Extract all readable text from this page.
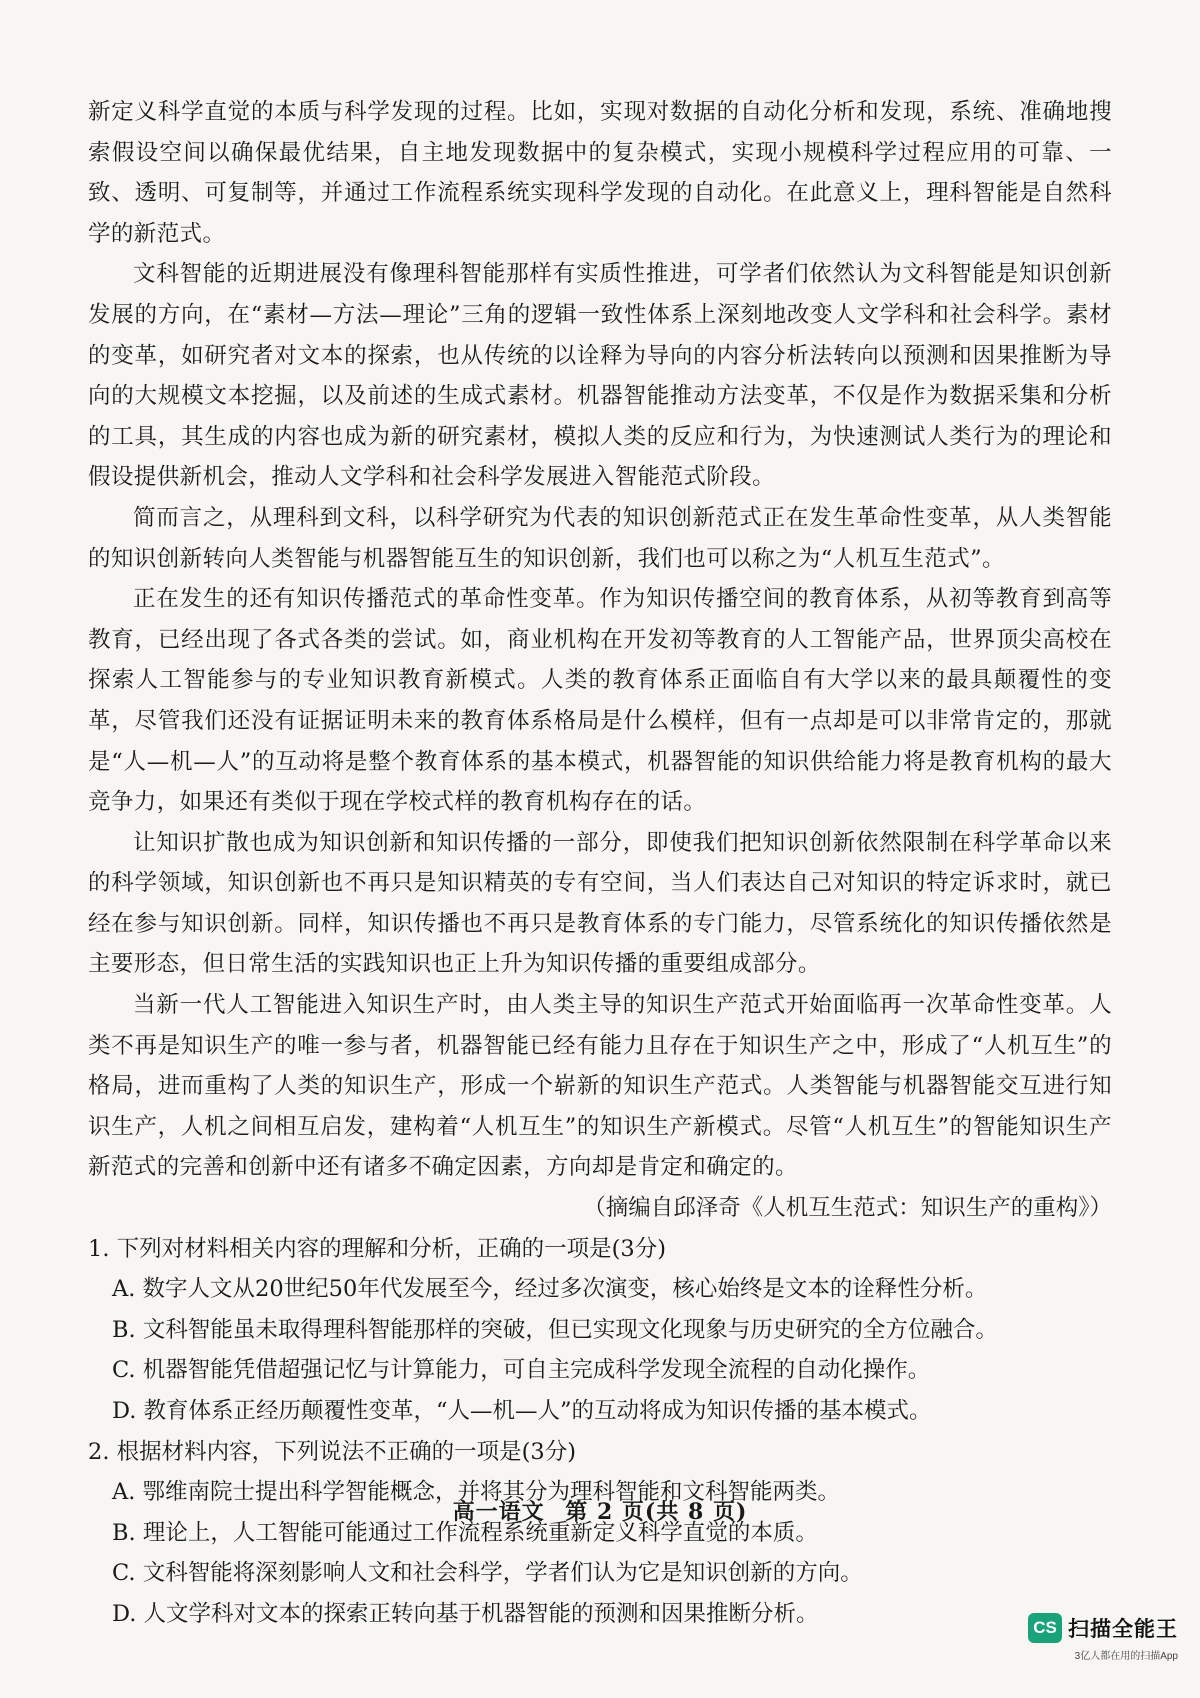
新定义科学直觉的本质与科学发现的过程。比如，实现对数据的自动化分析和发现，系统、准确地搜索假设空间以确保最优结果，自主地发现数据中的复杂模式，实现小规模科学过程应用的可靠、一致、透明、可复制等，并通过工作流程系统实现科学发现的自动化。在此意义上，理科智能是自然科学的新范式。

文科智能的近期进展没有像理科智能那样有实质性推进，可学者们依然认为文科智能是知识创新发展的方向，在“素材—方法—理论”三角的逻辑一致性体系上深刻地改变人文学科和社会科学。素材的变革，如研究者对文本的探索，也从传统的以诠释为导向的内容分析法转向以预测和因果推断为导向的大规模文本挖掘，以及前述的生成式素材。机器智能推动方法变革，不仅是作为数据采集和分析的工具，其生成的内容也成为新的研究素材，模拟人类的反应和行为，为快速测试人类行为的理论和假设提供新机会，推动人文学科和社会科学发展进入智能范式阶段。

简而言之，从理科到文科，以科学研究为代表的知识创新范式正在发生革命性变革，从人类智能的知识创新转向人类智能与机器智能互生的知识创新，我们也可以称之为“人机互生范式”。

正在发生的还有知识传播范式的革命性变革。作为知识传播空间的教育体系，从初等教育到高等教育，已经出现了各式各类的尝试。如，商业机构在开发初等教育的人工智能产品，世界顶尖高校在探索人工智能参与的专业知识教育新模式。人类的教育体系正面临自有大学以来的最具颠覆性的变革，尽管我们还没有证据证明未来的教育体系格局是什么模样，但有一点却是可以非常肯定的，那就是“人—机—人”的互动将是整个教育体系的基本模式，机器智能的知识供给能力将是教育机构的最大竞争力，如果还有类似于现在学校式样的教育机构存在的话。

让知识扩散也成为知识创新和知识传播的一部分，即使我们把知识创新依然限制在科学革命以来的科学领域，知识创新也不再只是知识精英的专有空间，当人们表达自己对知识的特定诉求时，就已经在参与知识创新。同样，知识传播也不再只是教育体系的专门能力，尽管系统化的知识传播依然是主要形态，但日常生活的实践知识也正上升为知识传播的重要组成部分。

当新一代人工智能进入知识生产时，由人类主导的知识生产范式开始面临再一次革命性变革。人类不再是知识生产的唯一参与者，机器智能已经有能力且存在于知识生产之中，形成了“人机互生”的格局，进而重构了人类的知识生产，形成一个崭新的知识生产范式。人类智能与机器智能交互进行知识生产，人机之间相互启发，建构着“人机互生”的知识生产新模式。尽管“人机互生”的智能知识生产新范式的完善和创新中还有诸多不确定因素，方向却是肯定和确定的。

（摘编自邱泽奇《人机互生范式：知识生产的重构》）

1. 下列对材料相关内容的理解和分析，正确的一项是(3分)

A. 数字人文从20世纪50年代发展至今，经过多次演变，核心始终是文本的诠释性分析。

B. 文科智能虽未取得理科智能那样的突破，但已实现文化现象与历史研究的全方位融合。

C. 机器智能凭借超强记忆与计算能力，可自主完成科学发现全流程的自动化操作。

D. 教育体系正经历颠覆性变革，“人—机—人”的互动将成为知识传播的基本模式。

2. 根据材料内容，下列说法不正确的一项是(3分)

A. 鄂维南院士提出科学智能概念，并将其分为理科智能和文科智能两类。

B. 理论上，人工智能可能通过工作流程系统重新定义科学直觉的本质。

C. 文科智能将深刻影响人文和社会科学，学者们认为它是知识创新的方向。

D. 人文学科对文本的探索正转向基于机器智能的预测和因果推断分析。

高一语文 第 2 页(共 8 页)
CS 扫描全能王
3亿人都在用的扫描App
